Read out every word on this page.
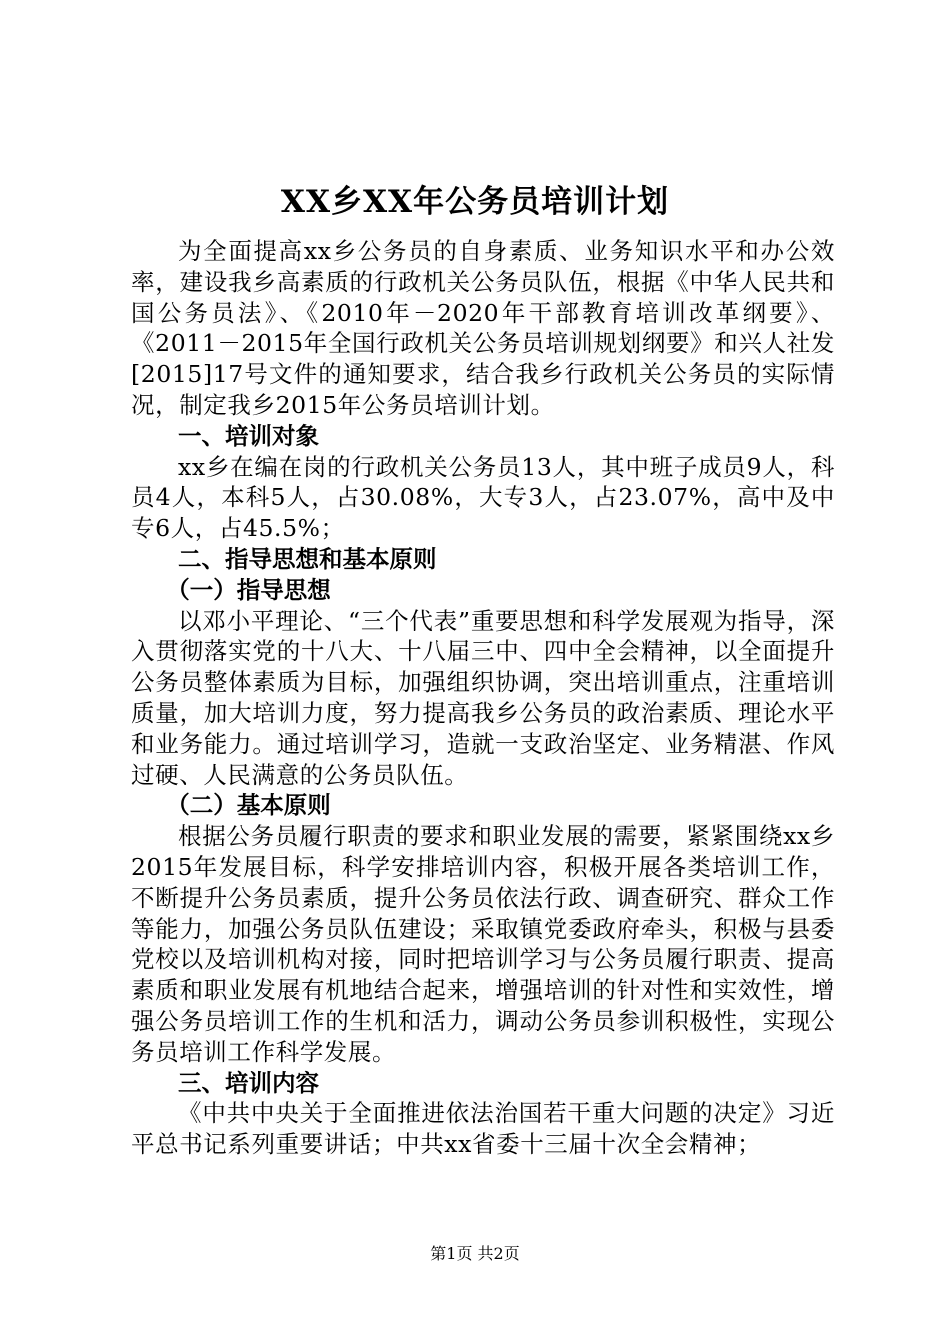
XX乡XX年公务员培训计划

为全面提高xx乡公务员的自身素质、业务知识水平和办公效率，建设我乡高素质的行政机关公务员队伍，根据《中华人民共和国公务员法》、《2010年－2020年干部教育培训改革纲要》、《2011－2015年全国行政机关公务员培训规划纲要》和兴人社发[2015]17号文件的通知要求，结合我乡行政机关公务员的实际情况，制定我乡2015年公务员培训计划。

一、培训对象

xx乡在编在岗的行政机关公务员13人，其中班子成员9人，科员4人，本科5人，占30.08%，大专3人，占23.07%，高中及中专6人，占45.5%；

二、指导思想和基本原则

（一）指导思想

以邓小平理论、“三个代表”重要思想和科学发展观为指导，深入贯彻落实党的十八大、十八届三中、四中全会精神，以全面提升公务员整体素质为目标，加强组织协调，突出培训重点，注重培训质量，加大培训力度，努力提高我乡公务员的政治素质、理论水平和业务能力。通过培训学习，造就一支政治坚定、业务精湛、作风过硬、人民满意的公务员队伍。

（二）基本原则

根据公务员履行职责的要求和职业发展的需要，紧紧围绕xx乡2015年发展目标，科学安排培训内容，积极开展各类培训工作，不断提升公务员素质，提升公务员依法行政、调查研究、群众工作等能力，加强公务员队伍建设；采取镇党委政府牵头，积极与县委党校以及培训机构对接，同时把培训学习与公务员履行职责、提高素质和职业发展有机地结合起来，增强培训的针对性和实效性，增强公务员培训工作的生机和活力，调动公务员参训积极性，实现公务员培训工作科学发展。

三、培训内容

《中共中央关于全面推进依法治国若干重大问题的决定》习近平总书记系列重要讲话；中共xx省委十三届十次全会精神；

第1页 共2页
